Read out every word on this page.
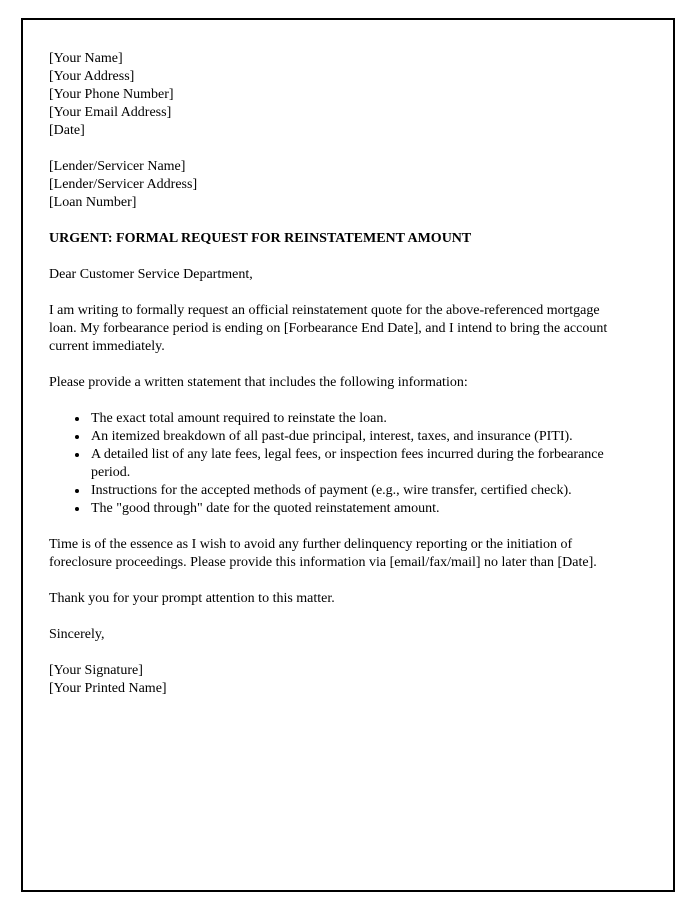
[Your Name]
[Your Address]
[Your Phone Number]
[Your Email Address]
[Date]
[Lender/Servicer Name]
[Lender/Servicer Address]
[Loan Number]
URGENT: FORMAL REQUEST FOR REINSTATEMENT AMOUNT
Dear Customer Service Department,

I am writing to formally request an official reinstatement quote for the above-referenced mortgage loan. My forbearance period is ending on [Forbearance End Date], and I intend to bring the account current immediately.

Please provide a written statement that includes the following information:

• The exact total amount required to reinstate the loan.
• An itemized breakdown of all past-due principal, interest, taxes, and insurance (PITI).
• A detailed list of any late fees, legal fees, or inspection fees incurred during the forbearance period.
• Instructions for the accepted methods of payment (e.g., wire transfer, certified check).
• The "good through" date for the quoted reinstatement amount.

Time is of the essence as I wish to avoid any further delinquency reporting or the initiation of foreclosure proceedings. Please provide this information via [email/fax/mail] no later than [Date].

Thank you for your prompt attention to this matter.

Sincerely,

[Your Signature]
[Your Printed Name]
